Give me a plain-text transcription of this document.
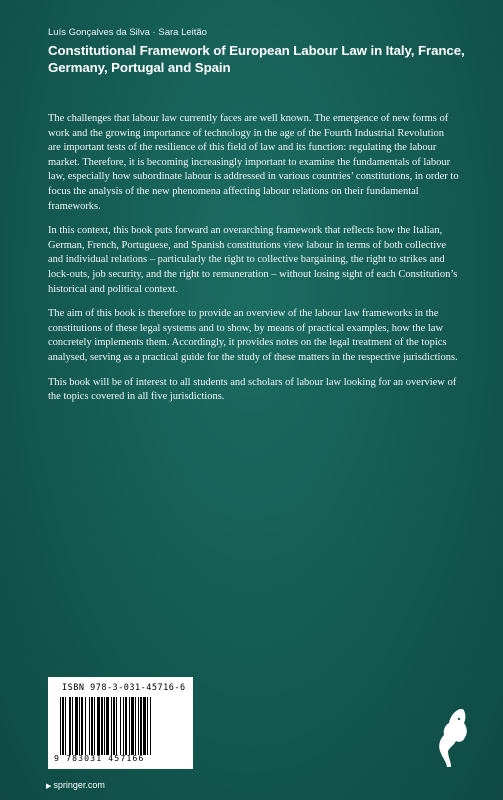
Luís Gonçalves da Silva · Sara Leitão
Constitutional Framework of European Labour Law in Italy, France, Germany, Portugal and Spain

The challenges that labour law currently faces are well known. The emergence of new forms of work and the growing importance of technology in the age of the Fourth Industrial Revolution are important tests of the resilience of this field of law and its function: regulating the labour market. Therefore, it is becoming increasingly important to examine the fundamentals of labour law, especially how subordinate labour is addressed in various countries’ constitutions, in order to focus the analysis of the new phenomena affecting labour relations on their fundamental frameworks.

In this context, this book puts forward an overarching framework that reflects how the Italian, German, French, Portuguese, and Spanish constitutions view labour in terms of both collective and individual relations – particularly the right to collective bargaining, the right to strikes and lock-outs, job security, and the right to remuneration – without losing sight of each Constitution’s historical and political context.

The aim of this book is therefore to provide an overview of the labour law frameworks in the constitutions of these legal systems and to show, by means of practical examples, how the law concretely implements them. Accordingly, it provides notes on the legal treatment of the topics analysed, serving as a practical guide for the study of these matters in the respective jurisdictions.

This book will be of interest to all students and scholars of labour law looking for an overview of the topics covered in all five jurisdictions.

ISBN 978-3-031-45716-6
9 783031 457166
▶ springer.com
